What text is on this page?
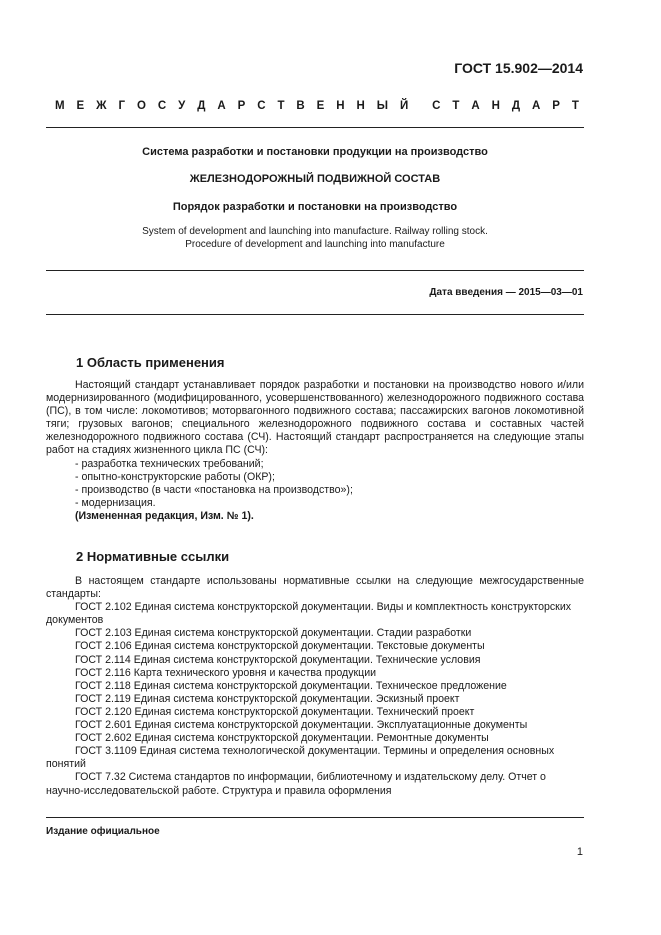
ГОСТ 15.902—2014
М Е Ж Г О С У Д А Р С Т В Е Н Н Ы Й С Т А Н Д А Р Т
Система разработки и постановки продукции на производство
ЖЕЛЕЗНОДОРОЖНЫЙ ПОДВИЖНОЙ СОСТАВ
Порядок разработки и постановки на производство
System of development and launching into manufacture. Railway rolling stock.
Procedure of development and launching into manufacture
Дата введения — 2015—03—01
1 Область применения

Настоящий стандарт устанавливает порядок разработки и постановки на производство нового и/или модернизированного (модифицированного, усовершенствованного) железнодорожного подвижного состава (ПС), в том числе: локомотивов; моторвагонного подвижного состава; пассажирских вагонов локомотивной тяги; грузовых вагонов; специального железнодорожного подвижного состава и составных частей железнодорожного подвижного состава (СЧ). Настоящий стандарт распространяется на следующие этапы работ на стадиях жизненного цикла ПС (СЧ):

- разработка технических требований;

- опытно-конструкторские работы (ОКР);

- производство (в части «постановка на производство»);

- модернизация.

(Измененная редакция, Изм. № 1).

2 Нормативные ссылки

В настоящем стандарте использованы нормативные ссылки на следующие межгосударственные стандарты:

ГОСТ 2.102 Единая система конструкторской документации. Виды и комплектность конструкторских документов

ГОСТ 2.103 Единая система конструкторской документации. Стадии разработки

ГОСТ 2.106 Единая система конструкторской документации. Текстовые документы

ГОСТ 2.114 Единая система конструкторской документации. Технические условия

ГОСТ 2.116 Карта технического уровня и качества продукции

ГОСТ 2.118 Единая система конструкторской документации. Техническое предложение

ГОСТ 2.119 Единая система конструкторской документации. Эскизный проект

ГОСТ 2.120 Единая система конструкторской документации. Технический проект

ГОСТ 2.601 Единая система конструкторской документации. Эксплуатационные документы

ГОСТ 2.602 Единая система конструкторской документации. Ремонтные документы

ГОСТ 3.1109 Единая система технологической документации. Термины и определения основных понятий

ГОСТ 7.32 Система стандартов по информации, библиотечному и издательскому делу. Отчет о научно-исследовательской работе. Структура и правила оформления

Издание официальное
1
